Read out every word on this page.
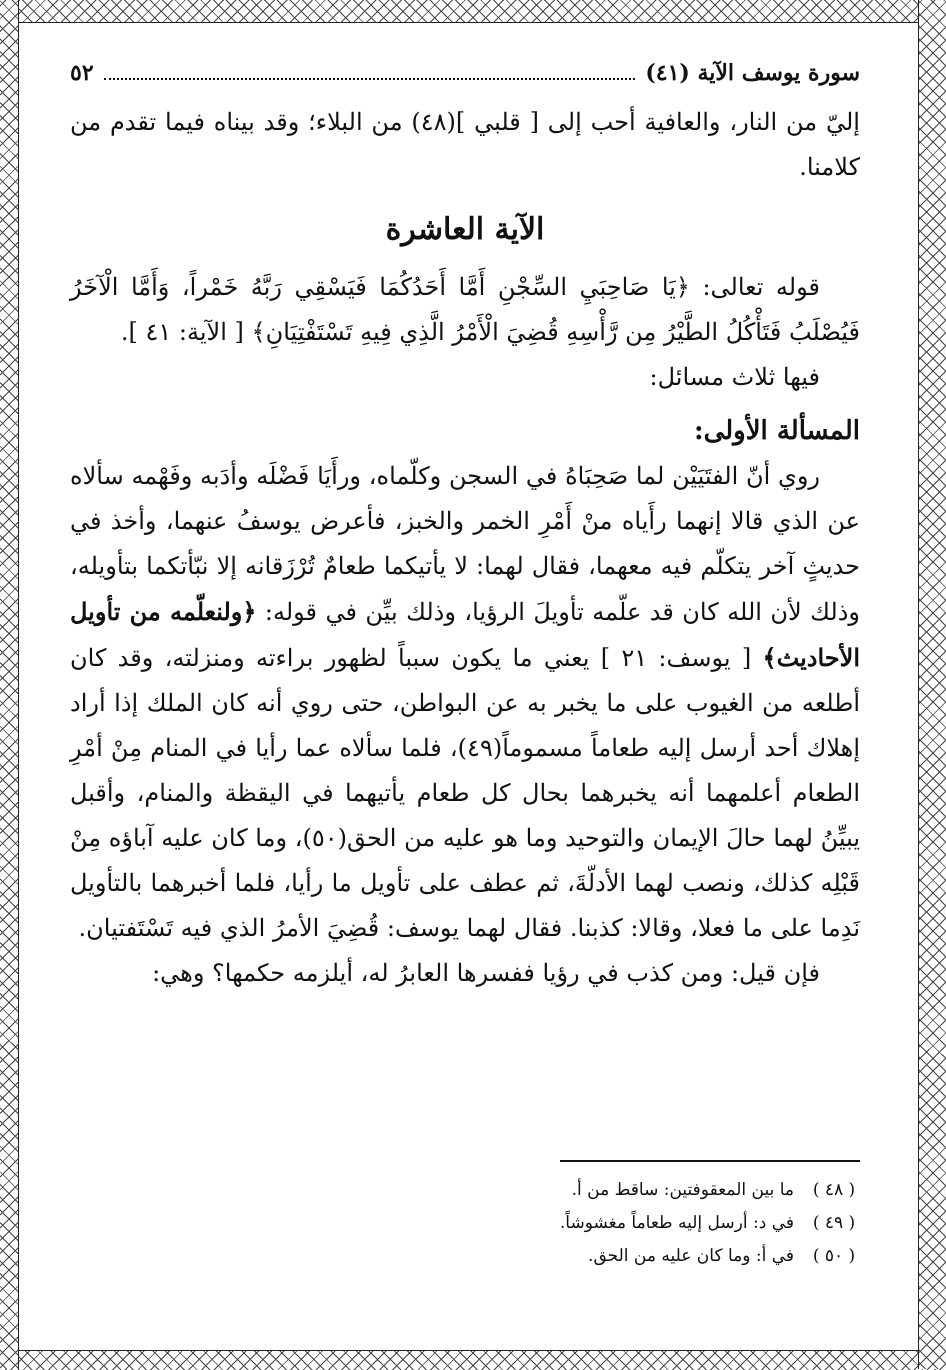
سورة يوسف الآية (٤١)
٥٢

إليّ من النار، والعافية أحب إلى [ قلبي ](٤٨) من البلاء؛ وقد بيناه فيما تقدم من كلامنا.

الآية العاشرة

قوله تعالى: ﴿يَا صَاحِبَيِ السِّجْنِ أَمَّا أَحَدُكُمَا فَيَسْقِي رَبَّهُ خَمْراً، وَأَمَّا الْآخَرُ فَيُصْلَبُ فَتَأْكُلُ الطَّيْرُ مِن رَّأْسِهِ قُضِيَ الْأَمْرُ الَّذِي فِيهِ تَسْتَفْتِيَانِ﴾ [ الآية: ٤١ ].

فيها ثلاث مسائل:

المسألة الأولى:

روي أنّ الفتَيَيْن لما صَحِبَاهُ في السجن وكلّماه، ورأَيَا فَضْلَه وأدَبه وفَهْمه سألاه عن الذي قالا إنهما رأَياه منْ أَمْرِ الخمر والخبز، فأعرض يوسفُ عنهما، وأخذ في حديثٍ آخر يتكلّم فيه معهما، فقال لهما: لا يأتيكما طعامٌ تُرْزَقانه إلا نبّأتكما بتأويله، وذلك لأن الله كان قد علّمه تأويلَ الرؤيا، وذلك بيِّن في قوله: ﴿ولنعلّمه من تأويل الأحاديث﴾ [ يوسف: ٢١ ] يعني ما يكون سبباً لظهور براءته ومنزلته، وقد كان أطلعه من الغيوب على ما يخبر به عن البواطن، حتى روي أنه كان الملك إذا أراد إهلاك أحد أرسل إليه طعاماً مسموماً(٤٩)، فلما سألاه عما رأيا في المنام مِنْ أمْرِ الطعام أعلمهما أنه يخبرهما بحال كل طعام يأتيهما في اليقظة والمنام، وأقبل يبيِّنُ لهما حالَ الإيمان والتوحيد وما هو عليه من الحق(٥٠)، وما كان عليه آباؤه مِنْ قَبْلِه كذلك، ونصب لهما الأدلّةَ، ثم عطف على تأويل ما رأيا، فلما أخبرهما بالتأويل نَدِما على ما فعلا، وقالا: كذبنا. فقال لهما يوسف: قُضِيَ الأمرُ الذي فيه تَسْتَفتيان.

فإن قيل: ومن كذب في رؤيا ففسرها العابرُ له، أيلزمه حكمها؟ وهي:

( ٤٨ )ما بين المعقوفتين: ساقط من أ.
( ٤٩ )في د: أرسل إليه طعاماً مغشوشاً.
( ٥٠ )في أ: وما كان عليه من الحق.
